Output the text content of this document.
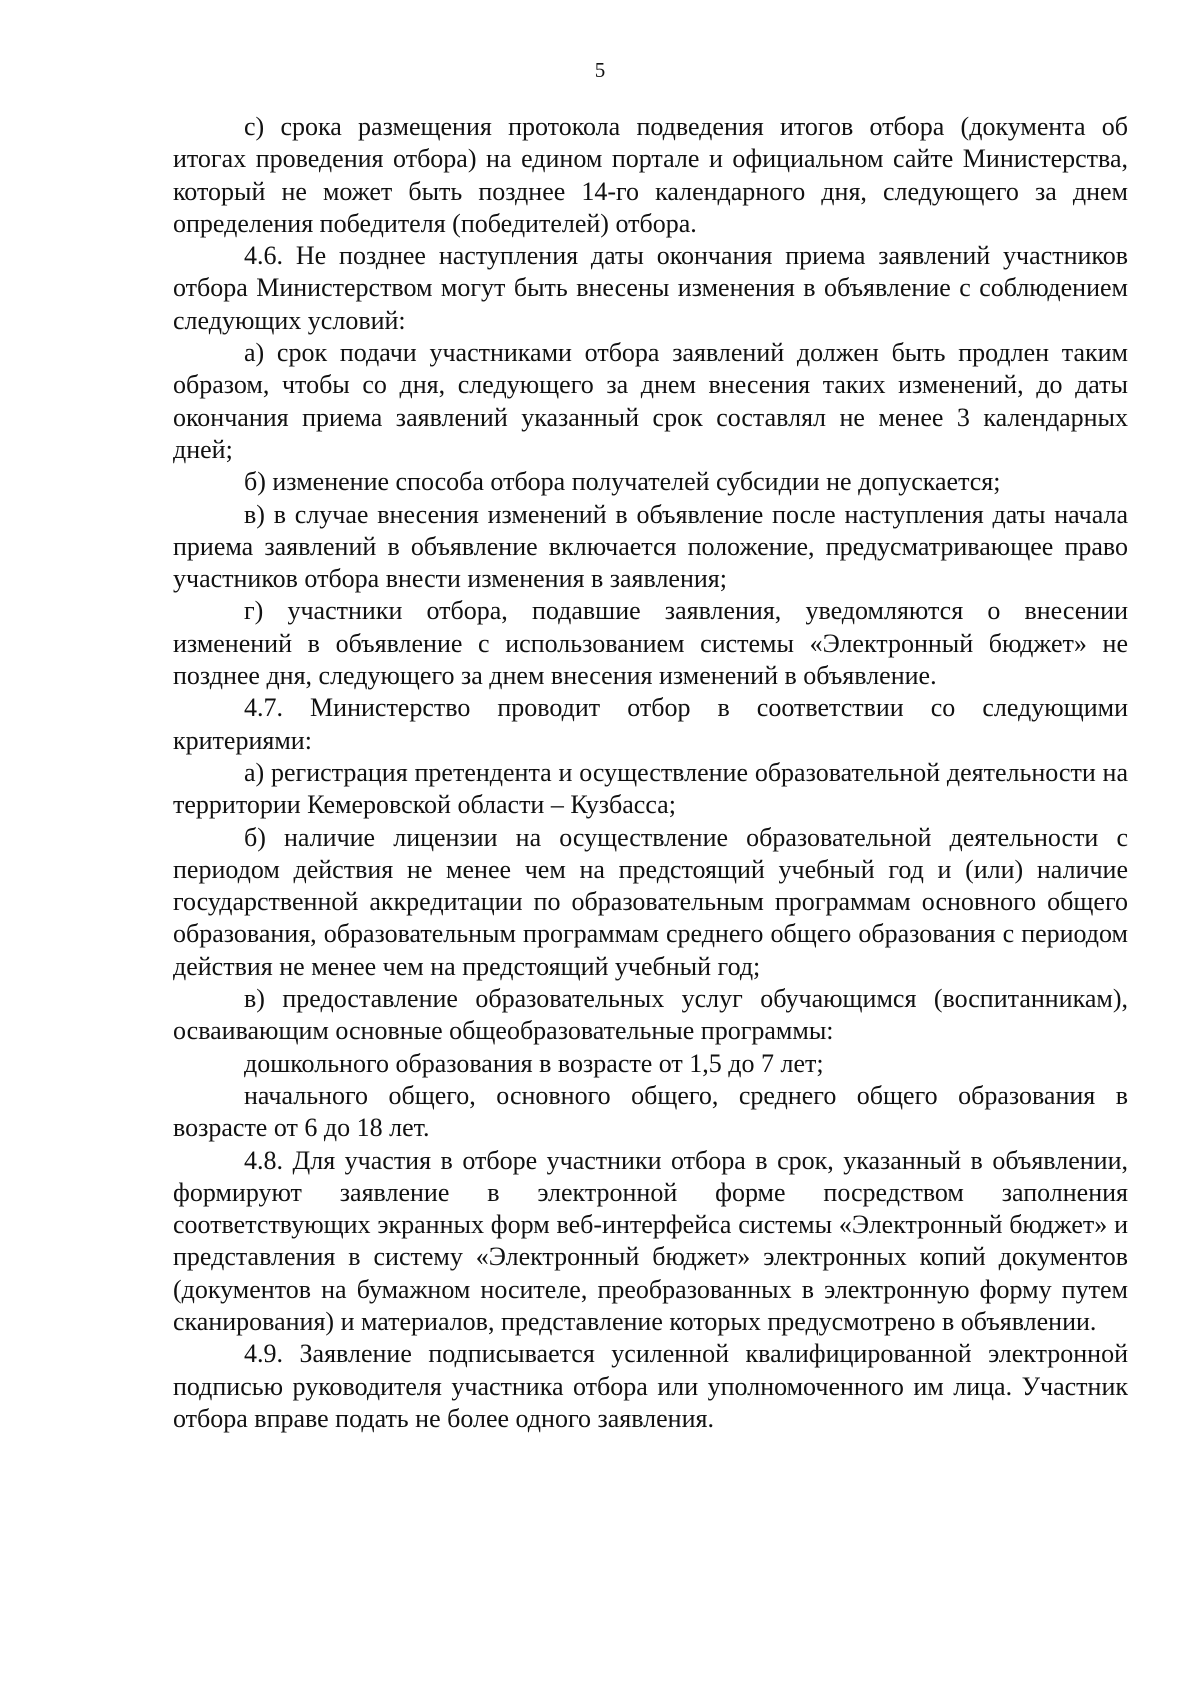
5

с) срока размещения протокола подведения итогов отбора (документа об итогах проведения отбора) на едином портале и официальном сайте Министерства, который не может быть позднее 14-го календарного дня, следующего за днем определения победителя (победителей) отбора.

4.6. Не позднее наступления даты окончания приема заявлений участников отбора Министерством могут быть внесены изменения в объявление с соблюдением следующих условий:

а) срок подачи участниками отбора заявлений должен быть продлен таким образом, чтобы со дня, следующего за днем внесения таких изменений, до даты окончания приема заявлений указанный срок составлял не менее 3 календарных дней;

б) изменение способа отбора получателей субсидии не допускается;

в) в случае внесения изменений в объявление после наступления даты начала приема заявлений в объявление включается положение, предусматривающее право участников отбора внести изменения в заявления;

г) участники отбора, подавшие заявления, уведомляются о внесении изменений в объявление с использованием системы «Электронный бюджет» не позднее дня, следующего за днем внесения изменений в объявление.

4.7. Министерство проводит отбор в соответствии со следующими критериями:

а) регистрация претендента и осуществление образовательной деятельности на территории Кемеровской области – Кузбасса;

б) наличие лицензии на осуществление образовательной деятельности с периодом действия не менее чем на предстоящий учебный год и (или) наличие государственной аккредитации по образовательным программам основного общего образования, образовательным программам среднего общего образования с периодом действия не менее чем на предстоящий учебный год;

в) предоставление образовательных услуг обучающимся (воспитанникам), осваивающим основные общеобразовательные программы:

дошкольного образования в возрасте от 1,5 до 7 лет;

начального общего, основного общего, среднего общего образования в возрасте от 6 до 18 лет.

4.8. Для участия в отборе участники отбора в срок, указанный в объявлении, формируют заявление в электронной форме посредством заполнения соответствующих экранных форм веб-интерфейса системы «Электронный бюджет» и представления в систему «Электронный бюджет» электронных копий документов (документов на бумажном носителе, преобразованных в электронную форму путем сканирования) и материалов, представление которых предусмотрено в объявлении.

4.9. Заявление подписывается усиленной квалифицированной электронной подписью руководителя участника отбора или уполномоченного им лица. Участник отбора вправе подать не более одного заявления.
